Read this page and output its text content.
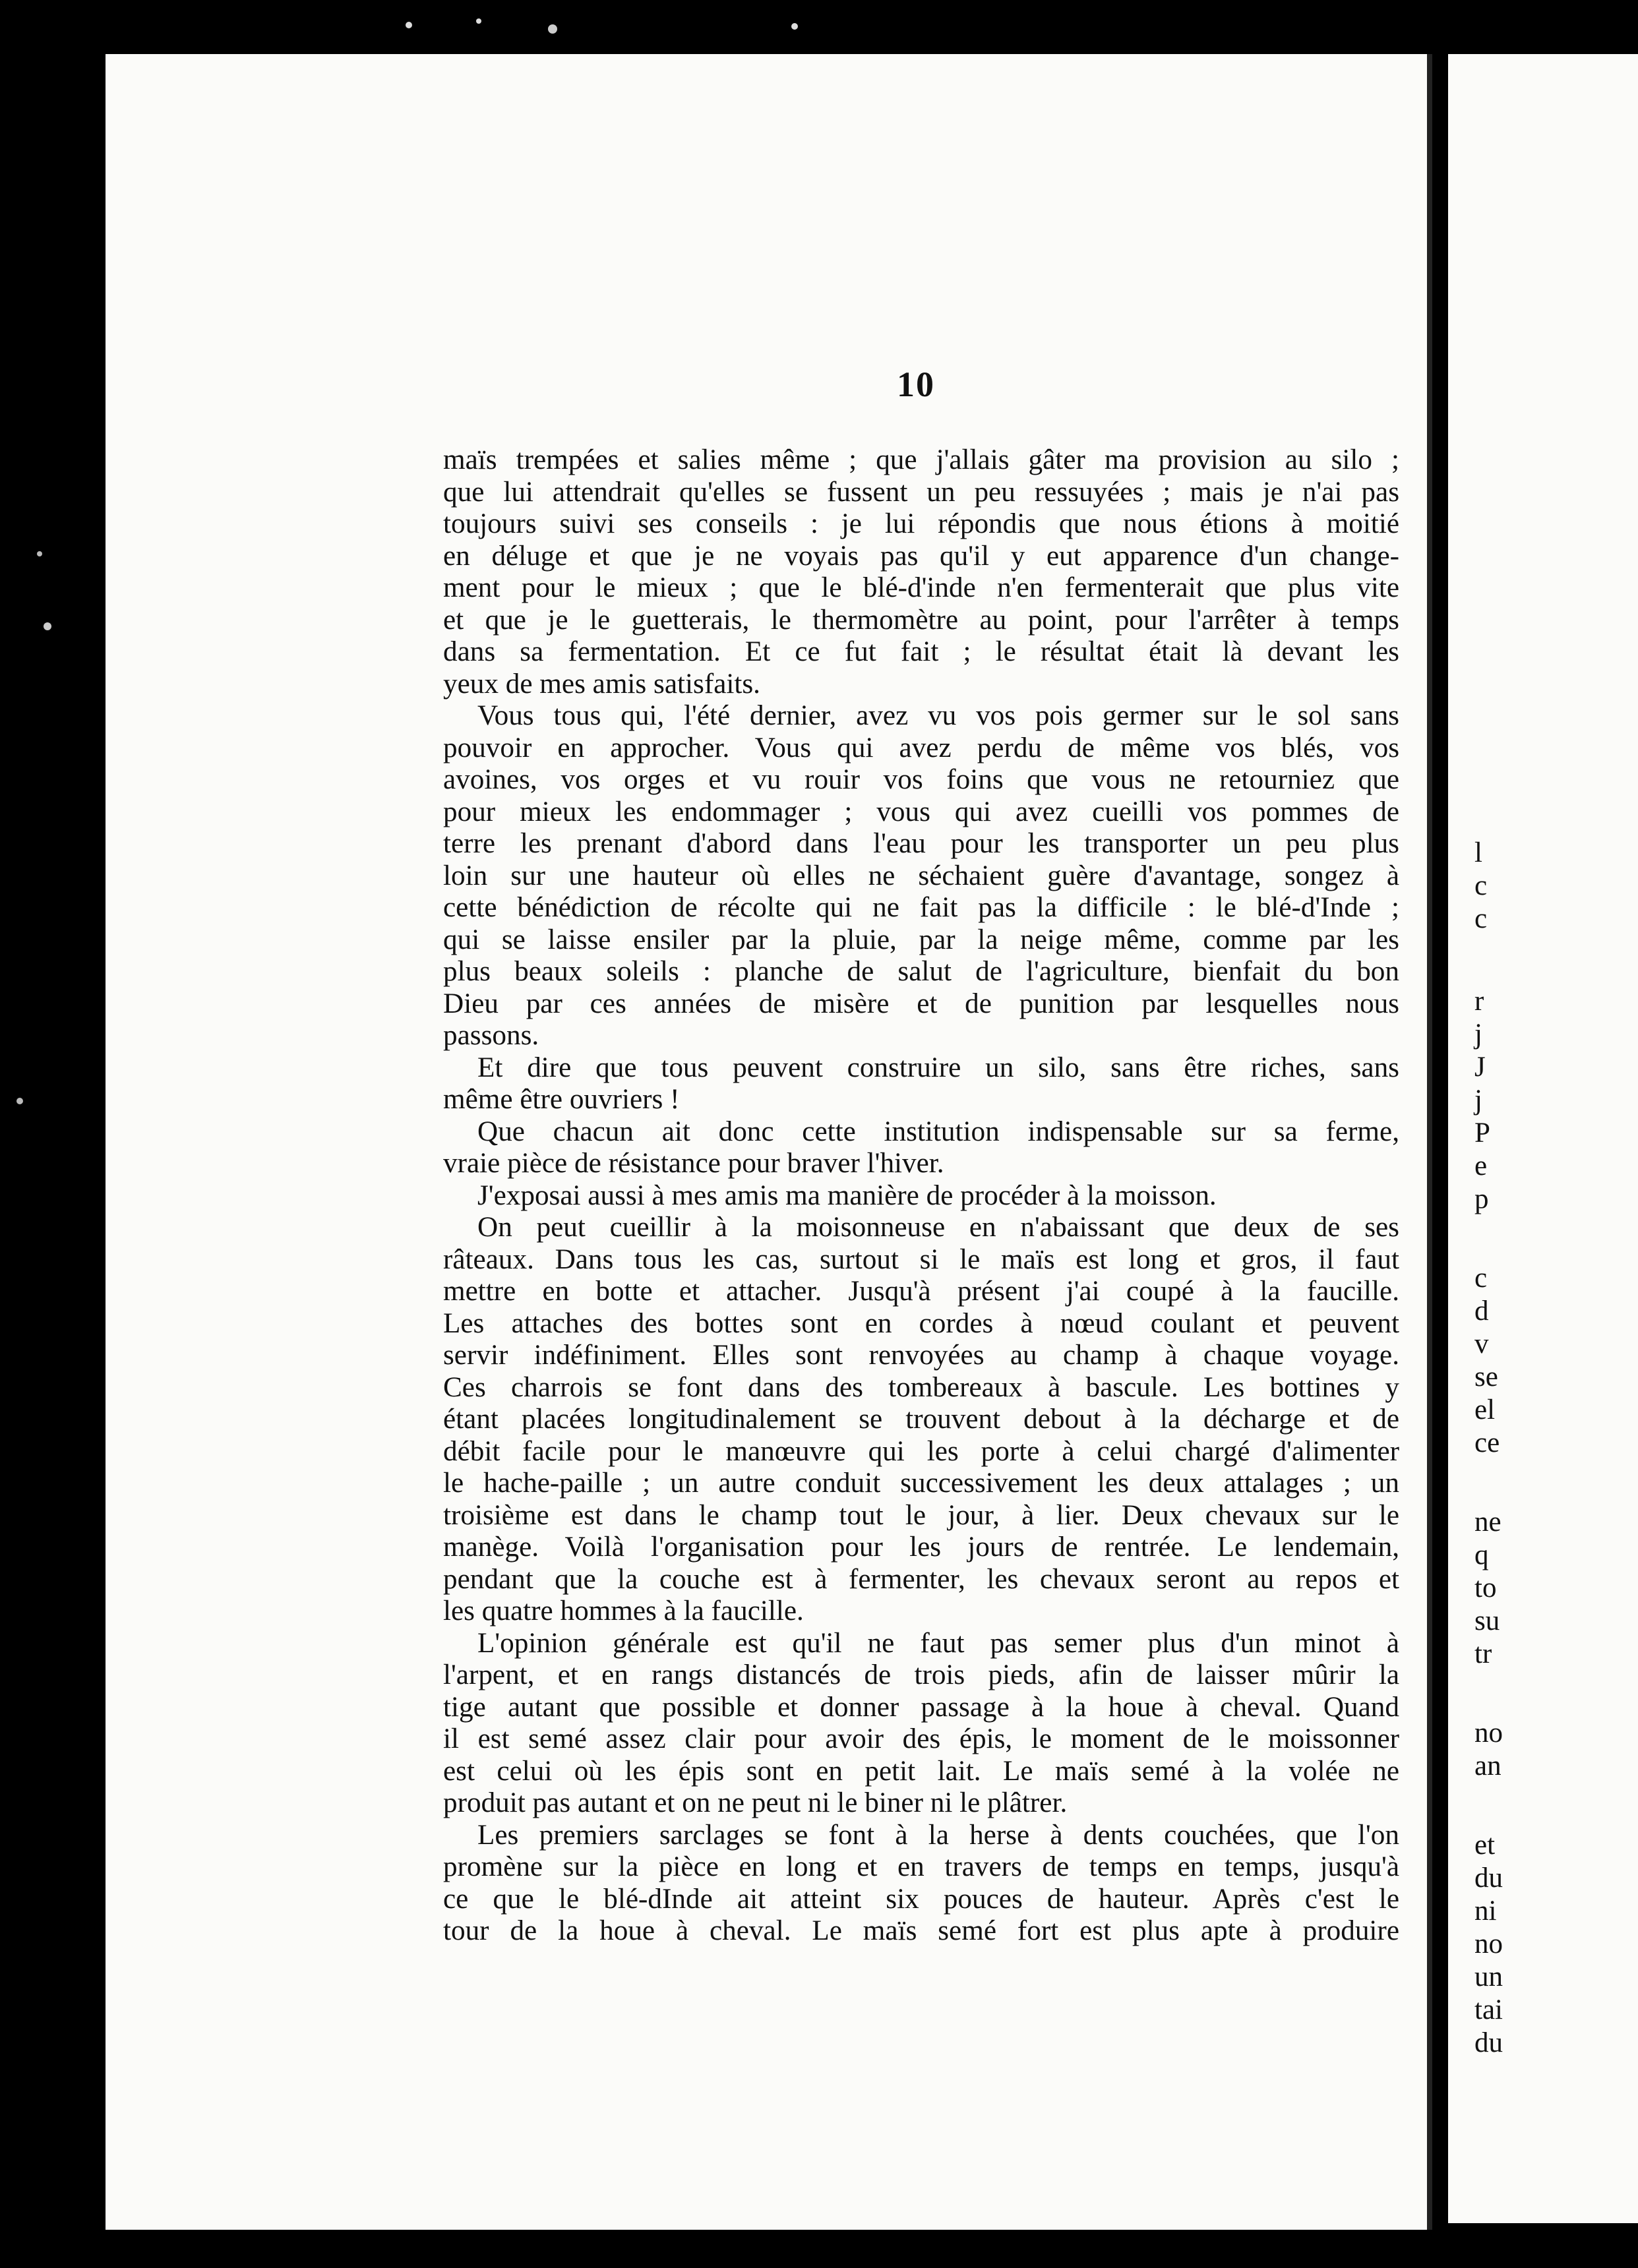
10
maïs trempées et salies même ; que j'allais gâter ma provision au silo ;
que lui attendrait qu'elles se fussent un peu ressuyées ; mais je n'ai pas
toujours suivi ses conseils : je lui répondis que nous étions à moitié
en déluge et que je ne voyais pas qu'il y eut apparence d'un change-
ment pour le mieux ; que le blé-d'inde n'en fermenterait que plus vite
et que je le guetterais, le thermomètre au point, pour l'arrêter à temps
dans sa fermentation. Et ce fut fait ; le résultat était là devant les
yeux de mes amis satisfaits.
Vous tous qui, l'été dernier, avez vu vos pois germer sur le sol sans
pouvoir en approcher. Vous qui avez perdu de même vos blés, vos
avoines, vos orges et vu rouir vos foins que vous ne retourniez que
pour mieux les endommager ; vous qui avez cueilli vos pommes de
terre les prenant d'abord dans l'eau pour les transporter un peu plus
loin sur une hauteur où elles ne séchaient guère d'avantage, songez à
cette bénédiction de récolte qui ne fait pas la difficile : le blé-d'Inde ;
qui se laisse ensiler par la pluie, par la neige même, comme par les
plus beaux soleils : planche de salut de l'agriculture, bienfait du bon
Dieu par ces années de misère et de punition par lesquelles nous
passons.
Et dire que tous peuvent construire un silo, sans être riches, sans
même être ouvriers !
Que chacun ait donc cette institution indispensable sur sa ferme,
vraie pièce de résistance pour braver l'hiver.
J'exposai aussi à mes amis ma manière de procéder à la moisson.
On peut cueillir à la moisonneuse en n'abaissant que deux de ses
râteaux. Dans tous les cas, surtout si le maïs est long et gros, il faut
mettre en botte et attacher. Jusqu'à présent j'ai coupé à la faucille.
Les attaches des bottes sont en cordes à nœud coulant et peuvent
servir indéfiniment. Elles sont renvoyées au champ à chaque voyage.
Ces charrois se font dans des tombereaux à bascule. Les bottines y
étant placées longitudinalement se trouvent debout à la décharge et de
débit facile pour le manœuvre qui les porte à celui chargé d'alimenter
le hache-paille ; un autre conduit successivement les deux attalages ; un
troisième est dans le champ tout le jour, à lier. Deux chevaux sur le
manège. Voilà l'organisation pour les jours de rentrée. Le lendemain,
pendant que la couche est à fermenter, les chevaux seront au repos et
les quatre hommes à la faucille.
L'opinion générale est qu'il ne faut pas semer plus d'un minot à
l'arpent, et en rangs distancés de trois pieds, afin de laisser mûrir la
tige autant que possible et donner passage à la houe à cheval. Quand
il est semé assez clair pour avoir des épis, le moment de le moissonner
est celui où les épis sont en petit lait. Le maïs semé à la volée ne
produit pas autant et on ne peut ni le biner ni le plâtrer.
Les premiers sarclages se font à la herse à dents couchées, que l'on
promène sur la pièce en long et en travers de temps en temps, jusqu'à
ce que le blé-dInde ait atteint six pouces de hauteur. Après c'est le
tour de la houe à cheval. Le maïs semé fort est plus apte à produire
l
c
c
r
j
J
j
P
e
p
c
d
v
se
el
ce
ne
q
to
su
tr
no
an
et
du
ni
no
un
tai
du
